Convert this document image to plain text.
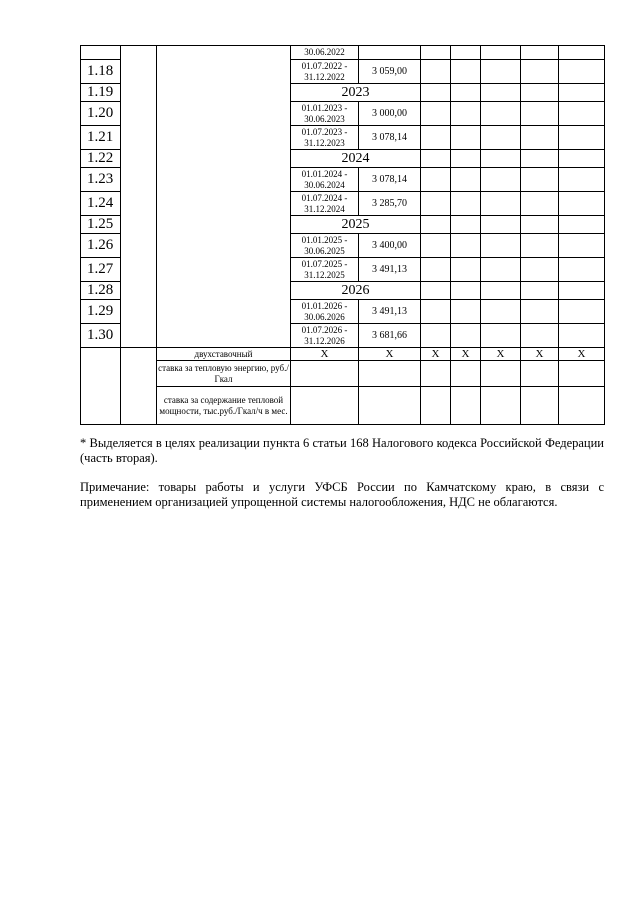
			30.06.2022							
1.18			01.07.2022 - 31.12.2022	3 059,00						
1.19			2023							
1.20			01.01.2023 - 30.06.2023	3 000,00						
1.21			01.07.2023 - 31.12.2023	3 078,14						
1.22			2024							
1.23			01.01.2024 - 30.06.2024	3 078,14						
1.24			01.07.2024 - 31.12.2024	3 285,70						
1.25			2025							
1.26			01.01.2025 - 30.06.2025	3 400,00						
1.27			01.07.2025 - 31.12.2025	3 491,13						
1.28			2026							
1.29			01.01.2026 - 30.06.2026	3 491,13						
1.30			01.07.2026 - 31.12.2026	3 681,66						
		двухставочный	X	X	X	X	X	X	X	
		ставка за тепловую энергию, руб./Гкал								
		ставка за содержание тепловой мощности, тыс.руб./Гкал/ч в мес.								

* Выделяется в целях реализации пункта 6 статьи 168 Налогового кодекса Российской Федерации (часть вторая).

Примечание: товары работы и услуги УФСБ России по Камчатскому краю, в связи с применением организацией упрощенной системы налогообложения, НДС не облагаются.
